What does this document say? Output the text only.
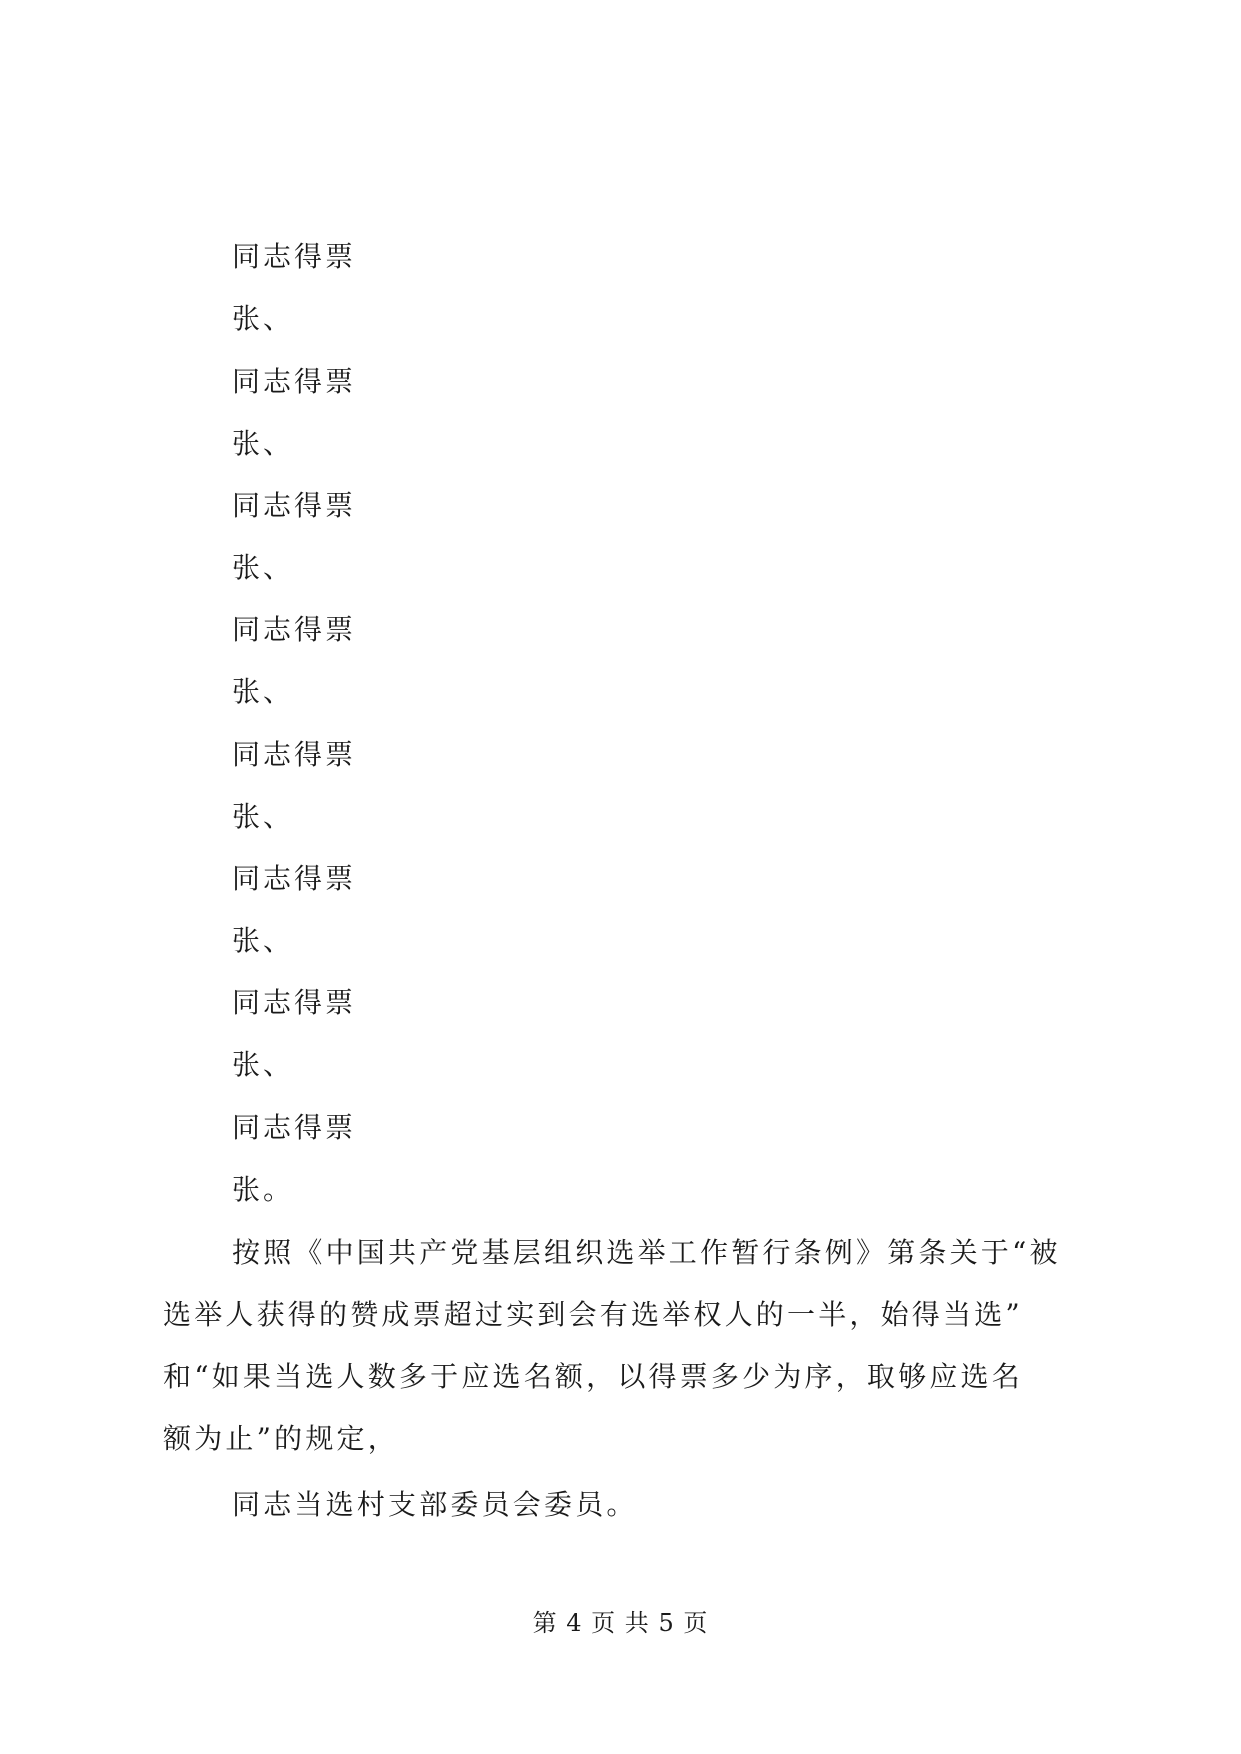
同志得票
张、
同志得票
张、
同志得票
张、
同志得票
张、
同志得票
张、
同志得票
张、
同志得票
张、
同志得票
张。
按照《中国共产党基层组织选举工作暂行条例》第条关于“被
选举人获得的赞成票超过实到会有选举权人的一半，始得当选”
和“如果当选人数多于应选名额，以得票多少为序，取够应选名
额为止”的规定，
同志当选村支部委员会委员。
第 4 页 共 5 页
